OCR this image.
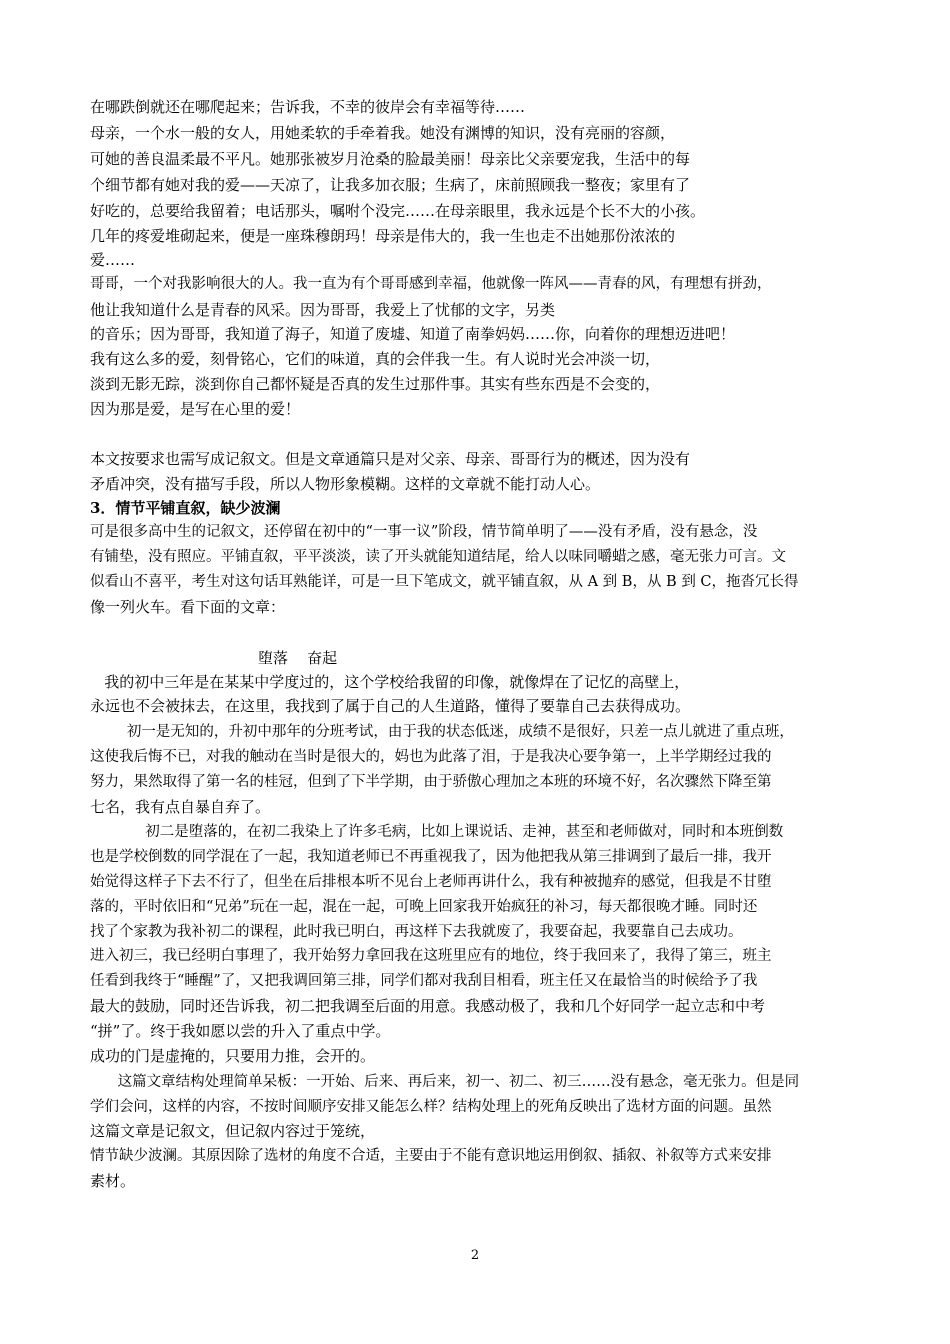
在哪跌倒就还在哪爬起来；告诉我，不幸的彼岸会有幸福等待……
母亲，一个水一般的女人，用她柔软的手牵着我。她没有渊博的知识，没有亮丽的容颜，
可她的善良温柔最不平凡。她那张被岁月沧桑的脸最美丽！母亲比父亲要宠我，生活中的每
个细节都有她对我的爱——天凉了，让我多加衣服；生病了，床前照顾我一整夜；家里有了
好吃的，总要给我留着；电话那头，嘱咐个没完……在母亲眼里，我永远是个长不大的小孩。
几年的疼爱堆砌起来，便是一座珠穆朗玛！母亲是伟大的，我一生也走不出她那份浓浓的
爱……
哥哥，一个对我影响很大的人。我一直为有个哥哥感到幸福，他就像一阵风——青春的风，有理想有拼劲，
他让我知道什么是青春的风采。因为哥哥，我爱上了忧郁的文字，另类
的音乐；因为哥哥，我知道了海子，知道了废墟、知道了南拳妈妈……你，向着你的理想迈进吧！
我有这么多的爱，刻骨铭心，它们的味道，真的会伴我一生。有人说时光会冲淡一切，
淡到无影无踪，淡到你自己都怀疑是否真的发生过那件事。其实有些东西是不会变的，
因为那是爱，是写在心里的爱！
本文按要求也需写成记叙文。但是文章通篇只是对父亲、母亲、哥哥行为的概述，因为没有
矛盾冲突，没有描写手段，所以人物形象模糊。这样的文章就不能打动人心。
3．情节平铺直叙，缺少波澜
可是很多高中生的记叙文，还停留在初中的“一事一议”阶段，情节简单明了——没有矛盾，没有悬念，没
有铺垫，没有照应。平铺直叙，平平淡淡，读了开头就能知道结尾，给人以味同嚼蜡之感，毫无张力可言。文
似看山不喜平，考生对这句话耳熟能详，可是一旦下笔成文，就平铺直叙，从 A 到 B，从 B 到 C，拖沓冗长得
像一列火车。看下面的文章：
堕落    奋起
我的初中三年是在某某中学度过的，这个学校给我留的印像，就像焊在了记忆的高壁上，
永远也不会被抹去，在这里，我找到了属于自己的人生道路，懂得了要靠自己去获得成功。
初一是无知的，升初中那年的分班考试，由于我的状态低迷，成绩不是很好，只差一点儿就进了重点班，
这使我后悔不已，对我的触动在当时是很大的，妈也为此落了泪，于是我决心要争第一，上半学期经过我的
努力，果然取得了第一名的桂冠，但到了下半学期，由于骄傲心理加之本班的环境不好，名次骤然下降至第
七名，我有点自暴自弃了。
初二是堕落的，在初二我染上了许多毛病，比如上课说话、走神，甚至和老师做对，同时和本班倒数
也是学校倒数的同学混在了一起，我知道老师已不再重视我了，因为他把我从第三排调到了最后一排，我开
始觉得这样子下去不行了，但坐在后排根本听不见台上老师再讲什么，我有种被抛弃的感觉，但我是不甘堕
落的，平时依旧和“兄弟”玩在一起，混在一起，可晚上回家我开始疯狂的补习，每天都很晚才睡。同时还
找了个家教为我补初二的课程，此时我已明白，再这样下去我就废了，我要奋起，我要靠自己去成功。
进入初三，我已经明白事理了，我开始努力拿回我在这班里应有的地位，终于我回来了，我得了第三，班主
任看到我终于“睡醒”了，又把我调回第三排，同学们都对我刮目相看，班主任又在最恰当的时候给予了我
最大的鼓励，同时还告诉我，初二把我调至后面的用意。我感动极了，我和几个好同学一起立志和中考
“拼”了。终于我如愿以尝的升入了重点中学。
成功的门是虚掩的，只要用力推，会开的。
这篇文章结构处理简单呆板：一开始、后来、再后来，初一、初二、初三……没有悬念，毫无张力。但是同
学们会问，这样的内容，不按时间顺序安排又能怎么样？结构处理上的死角反映出了选材方面的问题。虽然
这篇文章是记叙文，但记叙内容过于笼统，
情节缺少波澜。其原因除了选材的角度不合适，主要由于不能有意识地运用倒叙、插叙、补叙等方式来安排
素材。
2
